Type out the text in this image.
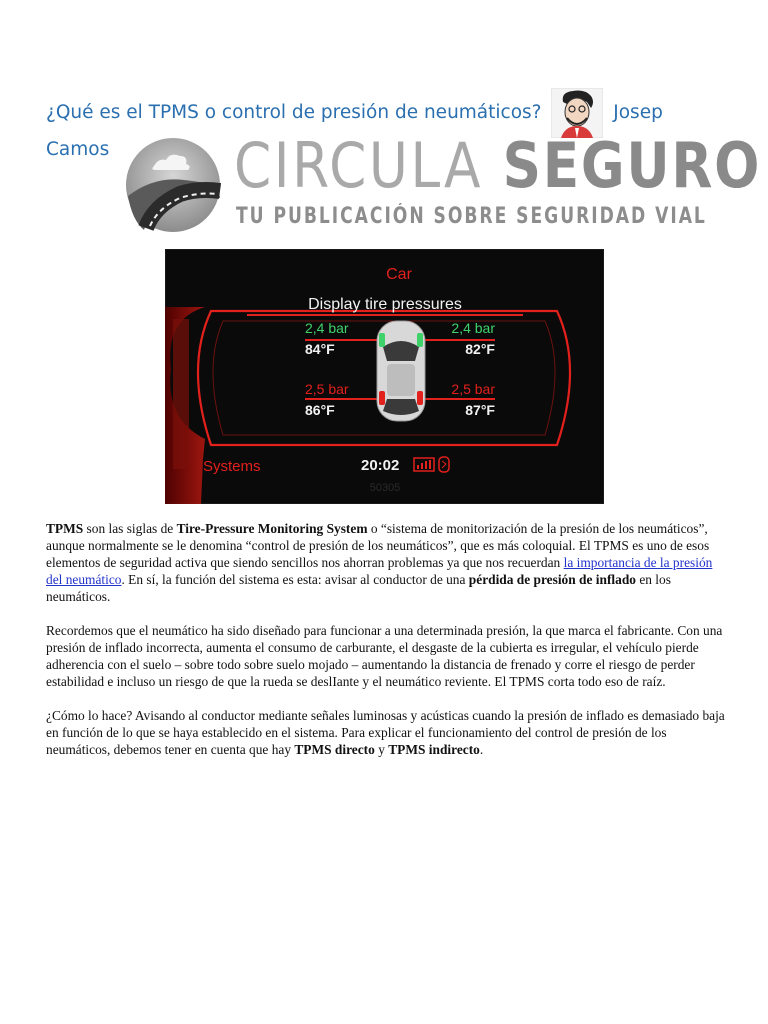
¿Qué es el TPMS o control de presión de neumáticos?	Josep
Camos	CIRCULA SEGURO
TU PUBLICACIÓN SOBRE SEGURIDAD VIAL
Car
Display tire pressures
2,4 bar
84°F
2,4 bar
82°F
2,5 bar
86°F
2,5 bar
87°F
Systems	20:02
50305

TPMS son las siglas de Tire-Pressure Monitoring System o “sistema de monitorización de la presión de los neumáticos”, aunque normalmente se le denomina “control de presión de los neumáticos”, que es más coloquial. El TPMS es uno de esos elementos de seguridad activa que siendo sencillos nos ahorran problemas ya que nos recuerdan la importancia de la presión del neumático. En sí, la función del sistema es esta: avisar al conductor de una pérdida de presión de inflado en los neumáticos.

Recordemos que el neumático ha sido diseñado para funcionar a una determinada presión, la que marca el fabricante. Con una presión de inflado incorrecta, aumenta el consumo de carburante, el desgaste de la cubierta es irregular, el vehículo pierde adherencia con el suelo – sobre todo sobre suelo mojado – aumentando la distancia de frenado y corre el riesgo de perder estabilidad e incluso un riesgo de que la rueda se deslIante y el neumático reviente. El TPMS corta todo eso de raíz.

¿Cómo lo hace? Avisando al conductor mediante señales luminosas y acústicas cuando la presión de inflado es demasiado baja en función de lo que se haya establecido en el sistema. Para explicar el funcionamiento del control de presión de los neumáticos, debemos tener en cuenta que hay TPMS directo y TPMS indirecto.
